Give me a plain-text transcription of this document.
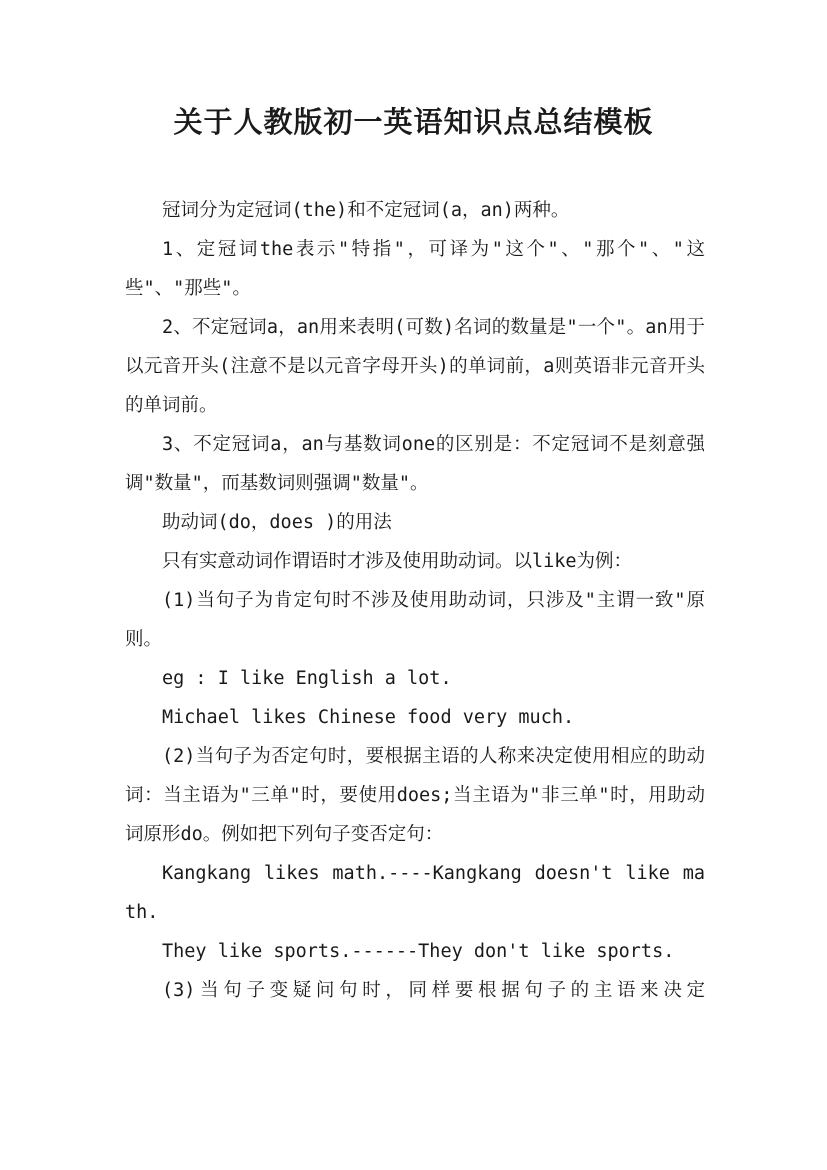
关于人教版初一英语知识点总结模板

冠词分为定冠词(the)和不定冠词(a，an)两种。

1、定冠词the表示"特指"，可译为"这个"、"那个"、"这些"、"那些"。

2、不定冠词a，an用来表明(可数)名词的数量是"一个"。an用于以元音开头(注意不是以元音字母开头)的单词前，a则英语非元音开头的单词前。

3、不定冠词a，an与基数词one的区别是：不定冠词不是刻意强调"数量"，而基数词则强调"数量"。

助动词(do，does )的用法

只有实意动词作谓语时才涉及使用助动词。以like为例：

(1)当句子为肯定句时不涉及使用助动词，只涉及"主谓一致"原则。

eg : I like English a lot.

Michael likes Chinese food very much.

(2)当句子为否定句时，要根据主语的人称来决定使用相应的助动词：当主语为"三单"时，要使用does;当主语为"非三单"时，用助动词原形do。例如把下列句子变否定句：

Kangkang likes math.----Kangkang doesn't like math.

They like sports.------They don't like sports.

(3)当句子变疑问句时，同样要根据句子的主语来决定
